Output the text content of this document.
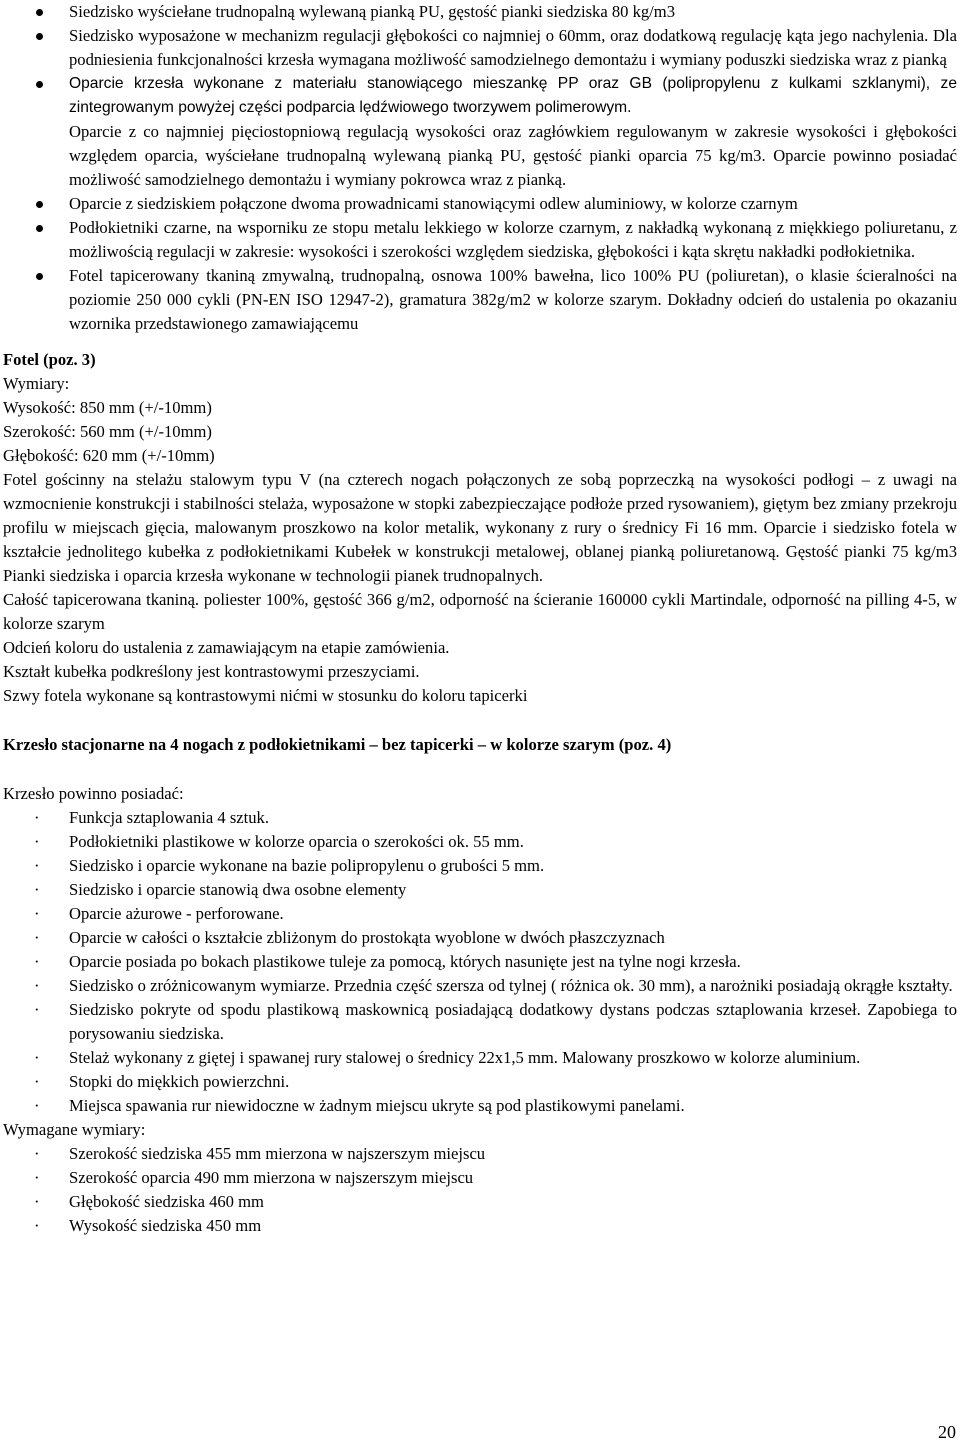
Siedzisko wyściełane trudnopalną wylewaną pianką PU, gęstość pianki siedziska 80 kg/m3
Siedzisko wyposażone w mechanizm regulacji głębokości co najmniej o 60mm, oraz dodatkową regulację kąta jego nachylenia. Dla podniesienia funkcjonalności krzesła wymagana możliwość samodzielnego demontażu i wymiany poduszki siedziska wraz z pianką
Oparcie krzesła wykonane z materiału stanowiącego mieszankę PP oraz GB (polipropylenu z kulkami szklanymi), ze zintegrowanym powyżej części podparcia lędźwiowego tworzywem polimerowym.
Oparcie z co najmniej pięciostopniową regulacją wysokości oraz zagłówkiem regulowanym w zakresie wysokości i głębokości względem oparcia, wyściełane trudnopalną wylewaną pianką PU, gęstość pianki oparcia 75 kg/m3. Oparcie powinno posiadać możliwość samodzielnego demontażu i wymiany pokrowca wraz z pianką.
Oparcie z siedziskiem połączone dwoma prowadnicami stanowiącymi odlew aluminiowy, w kolorze czarnym
Podłokietniki czarne, na wsporniku ze stopu metalu lekkiego w kolorze czarnym, z nakładką wykonaną z miękkiego poliuretanu, z możliwością regulacji w zakresie: wysokości i szerokości względem siedziska, głębokości i kąta skrętu nakładki podłokietnika.
Fotel tapicerowany tkaniną zmywalną, trudnopalną, osnowa 100% bawełna, lico 100% PU (poliuretan), o klasie ścieralności na poziomie 250 000 cykli (PN-EN ISO 12947-2), gramatura 382g/m2 w kolorze szarym. Dokładny odcień do ustalenia po okazaniu wzornika przedstawionego zamawiającemu

Fotel (poz. 3)

Wymiary:

Wysokość: 850 mm (+/-10mm)

Szerokość: 560 mm (+/-10mm)

Głębokość: 620 mm (+/-10mm)

Fotel gościnny na stelażu stalowym typu V (na czterech nogach połączonych ze sobą poprzeczką na wysokości podłogi – z uwagi na wzmocnienie konstrukcji i stabilności stelaża, wyposażone w stopki zabezpieczające podłoże przed rysowaniem), giętym bez zmiany przekroju profilu w miejscach gięcia, malowanym proszkowo na kolor metalik, wykonany z rury o średnicy Fi 16 mm. Oparcie i siedzisko fotela w kształcie jednolitego kubełka z podłokietnikami Kubełek w konstrukcji metalowej, oblanej pianką poliuretanową. Gęstość pianki 75 kg/m3 Pianki siedziska i oparcia krzesła wykonane w technologii pianek trudnopalnych.

Całość tapicerowana tkaniną. poliester 100%, gęstość 366 g/m2, odporność na ścieranie 160000 cykli Martindale, odporność na pilling 4-5, w kolorze szarym

Odcień koloru do ustalenia z zamawiającym na etapie zamówienia.

Kształt kubełka podkreślony jest kontrastowymi przeszyciami.

Szwy fotela wykonane są kontrastowymi nićmi w stosunku do koloru tapicerki

Krzesło stacjonarne na 4 nogach z podłokietnikami – bez tapicerki – w kolorze szarym (poz. 4)

Krzesło powinno posiadać:

· Funkcja sztaplowania 4 sztuk.
· Podłokietniki plastikowe w kolorze oparcia o szerokości ok. 55 mm.
· Siedzisko i oparcie wykonane na bazie polipropylenu o grubości 5 mm.
· Siedzisko i oparcie stanowią dwa osobne elementy
· Oparcie ażurowe - perforowane.
· Oparcie w całości o kształcie zbliżonym do prostokąta wyoblone w dwóch płaszczyznach
· Oparcie posiada po bokach plastikowe tuleje za pomocą, których nasunięte jest na tylne nogi krzesła.
· Siedzisko o zróżnicowanym wymiarze. Przednia część szersza od tylnej ( różnica ok. 30 mm), a narożniki posiadają okrągłe kształty.
· Siedzisko pokryte od spodu plastikową maskownicą posiadającą dodatkowy dystans podczas sztaplowania krzeseł. Zapobiega to porysowaniu siedziska.
· Stelaż wykonany z giętej i spawanej rury stalowej o średnicy 22x1,5 mm. Malowany proszkowo w kolorze aluminium.
· Stopki do miękkich powierzchni.
· Miejsca spawania rur niewidoczne w żadnym miejscu ukryte są pod plastikowymi panelami.

Wymagane wymiary:

· Szerokość siedziska 455 mm mierzona w najszerszym miejscu
· Szerokość oparcia 490 mm mierzona w najszerszym miejscu
· Głębokość siedziska 460 mm
· Wysokość siedziska 450 mm
20
